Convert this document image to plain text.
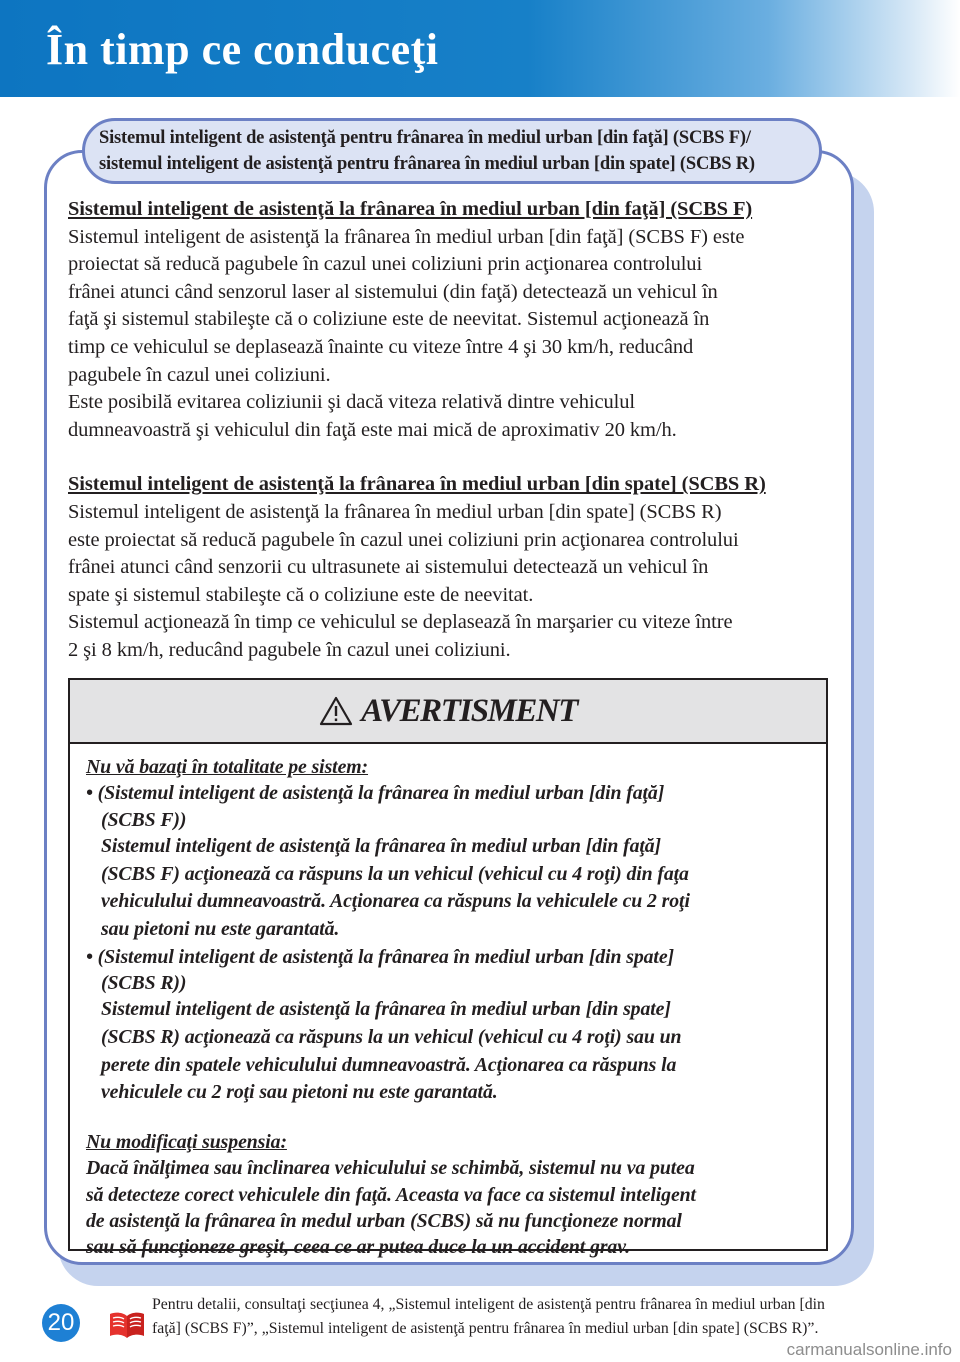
În timp ce conduceţi
Sistemul inteligent de asistenţă pentru frânarea în mediul urban [din faţă] (SCBS F)/
sistemul inteligent de asistenţă pentru frânarea în mediul urban [din spate] (SCBS R)
Sistemul inteligent de asistenţă la frânarea în mediul urban [din faţă] (SCBS F)
Sistemul inteligent de asistenţă la frânarea în mediul urban [din faţă] (SCBS F) este
proiectat să reducă pagubele în cazul unei coliziuni prin acţionarea controlului
frânei atunci când senzorul laser al sistemului (din faţă) detectează un vehicul în
faţă şi sistemul stabileşte că o coliziune este de neevitat. Sistemul acţionează în
timp ce vehiculul se deplasează înainte cu viteze între 4 şi 30 km/h, reducând
pagubele în cazul unei coliziuni.
Este posibilă evitarea coliziunii şi dacă viteza relativă dintre vehiculul
dumneavoastră şi vehiculul din faţă este mai mică de aproximativ 20 km/h.
Sistemul inteligent de asistenţă la frânarea în mediul urban [din spate] (SCBS R)
Sistemul inteligent de asistenţă la frânarea în mediul urban [din spate] (SCBS R)
este proiectat să reducă pagubele în cazul unei coliziuni prin acţionarea controlului
frânei atunci când senzorii cu ultrasunete ai sistemului detectează un vehicul în
spate şi sistemul stabileşte că o coliziune este de neevitat.
Sistemul acţionează în timp ce vehiculul se deplasează în marşarier cu viteze între
2 şi 8 km/h, reducând pagubele în cazul unei coliziuni.
AVERTISMENT
Nu vă bazaţi în totalitate pe sistem:
• (Sistemul inteligent de asistenţă la frânarea în mediul urban [din faţă]
(SCBS F))
Sistemul inteligent de asistenţă la frânarea în mediul urban [din faţă]
(SCBS F) acţionează ca răspuns la un vehicul (vehicul cu 4 roţi) din faţa
vehiculului dumneavoastră. Acţionarea ca răspuns la vehiculele cu 2 roţi
sau pietoni nu este garantată.
• (Sistemul inteligent de asistenţă la frânarea în mediul urban [din spate]
(SCBS R))
Sistemul inteligent de asistenţă la frânarea în mediul urban [din spate]
(SCBS R) acţionează ca răspuns la un vehicul (vehicul cu 4 roţi) sau un
perete din spatele vehiculului dumneavoastră. Acţionarea ca răspuns la
vehiculele cu 2 roţi sau pietoni nu este garantată.
Nu modificaţi suspensia:
Dacă înălţimea sau înclinarea vehiculului se schimbă, sistemul nu va putea
să detecteze corect vehiculele din faţă. Aceasta va face ca sistemul inteligent
de asistenţă la frânarea în medul urban (SCBS) să nu funcţioneze normal
sau să funcţioneze greşit, ceea ce ar putea duce la un accident grav.
20
Pentru detalii, consultaţi secţiunea 4, „Sistemul inteligent de asistenţă pentru frânarea în mediul urban [din
faţă] (SCBS F)”, „Sistemul inteligent de asistenţă pentru frânarea în mediul urban [din spate] (SCBS R)”.
carmanualsonline.info
